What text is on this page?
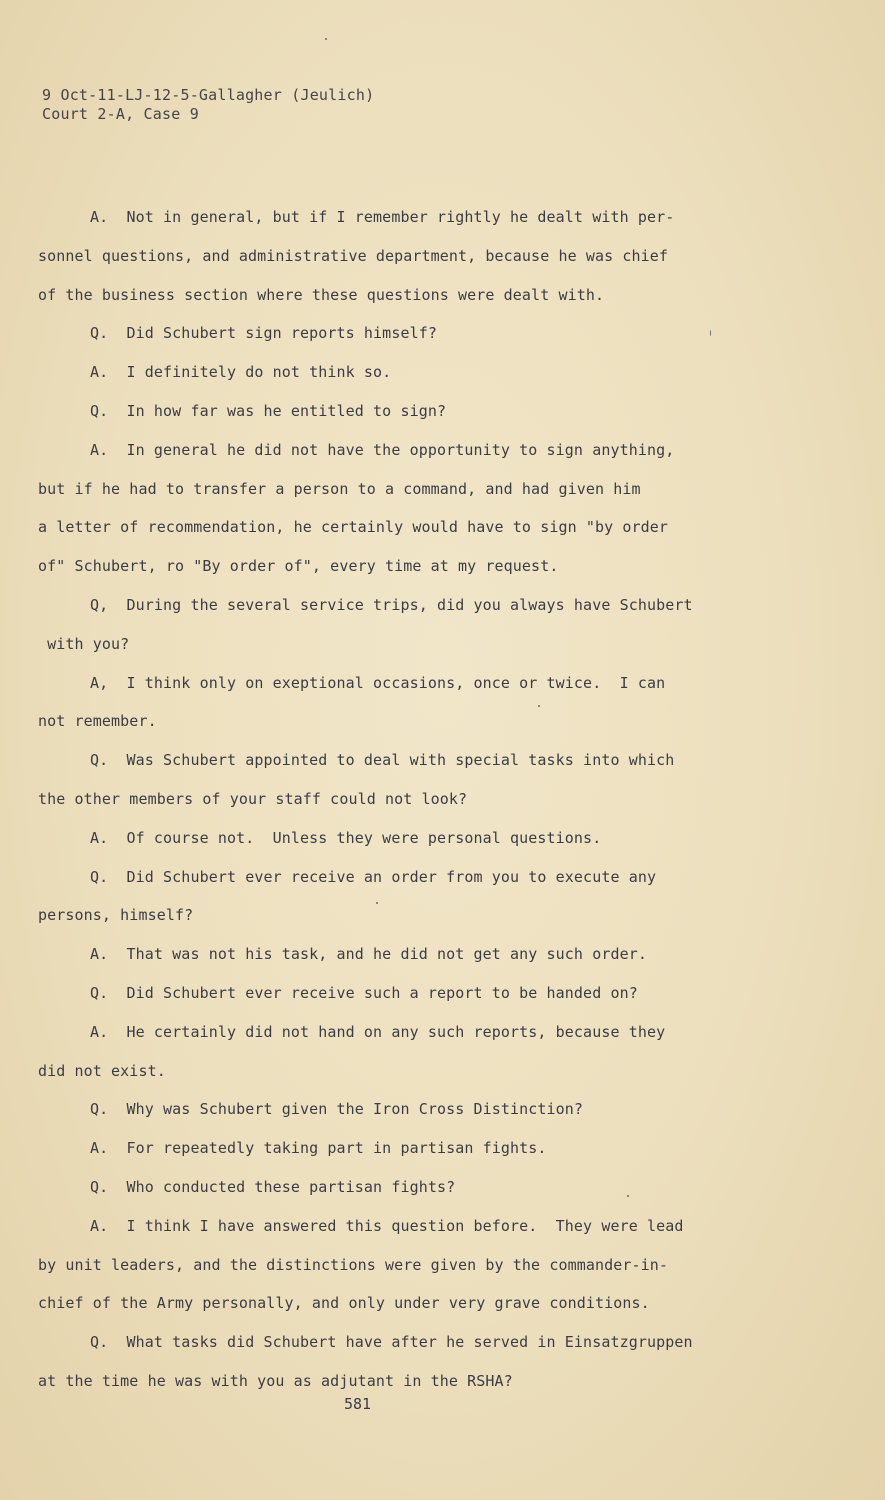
9 Oct-11-LJ-12-5-Gallagher (Jeulich)
Court 2-A, Case 9
A.  Not in general, but if I remember rightly he dealt with per-
sonnel questions, and administrative department, because he was chief
of the business section where these questions were dealt with.
Q.  Did Schubert sign reports himself?
A.  I definitely do not think so.
Q.  In how far was he entitled to sign?
A.  In general he did not have the opportunity to sign anything,
but if he had to transfer a person to a command, and had given him
a letter of recommendation, he certainly would have to sign "by order
of" Schubert, ro "By order of", every time at my request.
Q,  During the several service trips, did you always have Schubert
with you?
A,  I think only on exeptional occasions, once or twice.  I can
not remember.
Q.  Was Schubert appointed to deal with special tasks into which
the other members of your staff could not look?
A.  Of course not.  Unless they were personal questions.
Q.  Did Schubert ever receive an order from you to execute any
persons, himself?
A.  That was not his task, and he did not get any such order.
Q.  Did Schubert ever receive such a report to be handed on?
A.  He certainly did not hand on any such reports, because they
did not exist.
Q.  Why was Schubert given the Iron Cross Distinction?
A.  For repeatedly taking part in partisan fights.
Q.  Who conducted these partisan fights?
A.  I think I have answered this question before.  They were lead
by unit leaders, and the distinctions were given by the commander-in-
chief of the Army personally, and only under very grave conditions.
Q.  What tasks did Schubert have after he served in Einsatzgruppen
at the time he was with you as adjutant in the RSHA?
581
